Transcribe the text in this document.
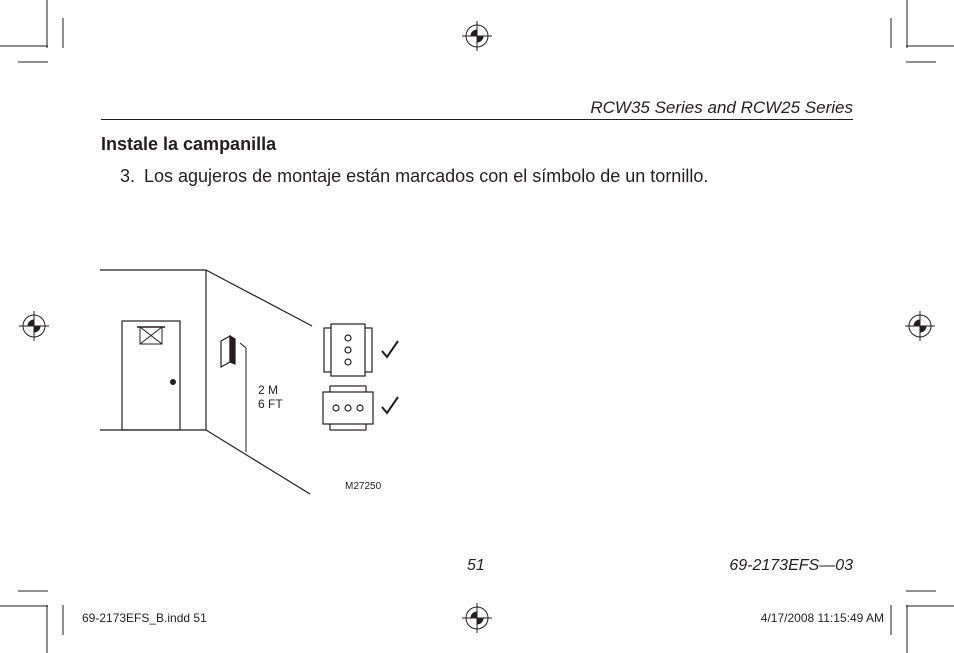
RCW35 Series and RCW25 Series
Instale la campanilla
3. Los agujeros de montaje están marcados con el símbolo de un tornillo.
2 M
6 FT
M27250
51	69-2173EFS—03
69-2173EFS_B.indd 51	4/17/2008 11:15:49 AM
